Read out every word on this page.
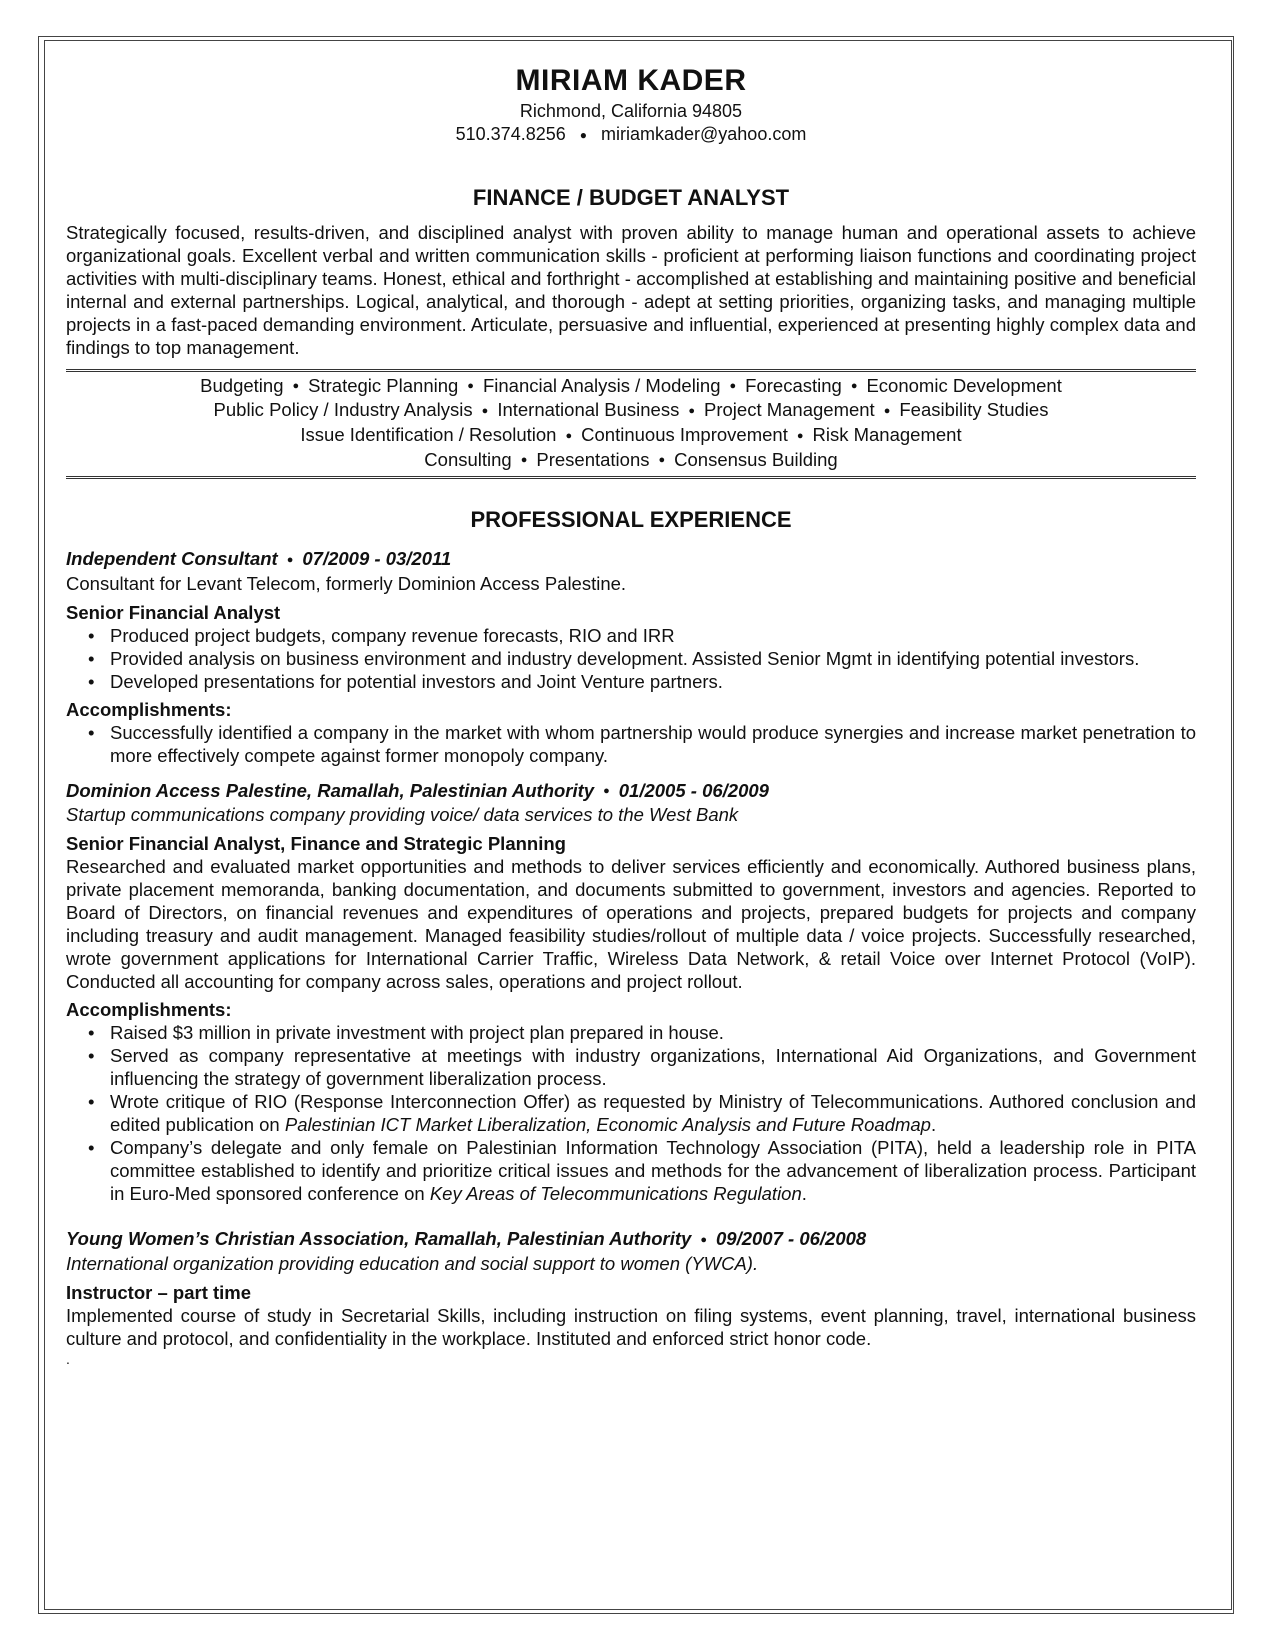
MIRIAM KADER
Richmond, California 94805
510.374.8256 ● miriamkader@yahoo.com
FINANCE / BUDGET ANALYST
Strategically focused, results-driven, and disciplined analyst with proven ability to manage human and operational assets to achieve organizational goals. Excellent verbal and written communication skills - proficient at performing liaison functions and coordinating project activities with multi-disciplinary teams. Honest, ethical and forthright - accomplished at establishing and maintaining positive and beneficial internal and external partnerships. Logical, analytical, and thorough - adept at setting priorities, organizing tasks, and managing multiple projects in a fast-paced demanding environment. Articulate, persuasive and influential, experienced at presenting highly complex data and findings to top management.
Budgeting ● Strategic Planning ● Financial Analysis / Modeling ● Forecasting ● Economic Development
Public Policy / Industry Analysis ● International Business ● Project Management ● Feasibility Studies
Issue Identification / Resolution ● Continuous Improvement ● Risk Management
Consulting ● Presentations ● Consensus Building
PROFESSIONAL EXPERIENCE
Independent Consultant ● 07/2009 - 03/2011
Consultant for Levant Telecom, formerly Dominion Access Palestine.
Senior Financial Analyst
• Produced project budgets, company revenue forecasts, RIO and IRR
• Provided analysis on business environment and industry development. Assisted Senior Mgmt in identifying potential investors.
• Developed presentations for potential investors and Joint Venture partners.
Accomplishments:
• Successfully identified a company in the market with whom partnership would produce synergies and increase market penetration to more effectively compete against former monopoly company.
Dominion Access Palestine, Ramallah, Palestinian Authority ● 01/2005 - 06/2009
Startup communications company providing voice/ data services to the West Bank
Senior Financial Analyst, Finance and Strategic Planning
Researched and evaluated market opportunities and methods to deliver services efficiently and economically. Authored business plans, private placement memoranda, banking documentation, and documents submitted to government, investors and agencies. Reported to Board of Directors, on financial revenues and expenditures of operations and projects, prepared budgets for projects and company including treasury and audit management. Managed feasibility studies/rollout of multiple data / voice projects. Successfully researched, wrote government applications for International Carrier Traffic, Wireless Data Network, & retail Voice over Internet Protocol (VoIP). Conducted all accounting for company across sales, operations and project rollout.
Accomplishments:
• Raised $3 million in private investment with project plan prepared in house.
• Served as company representative at meetings with industry organizations, International Aid Organizations, and Government influencing the strategy of government liberalization process.
• Wrote critique of RIO (Response Interconnection Offer) as requested by Ministry of Telecommunications. Authored conclusion and edited publication on Palestinian ICT Market Liberalization, Economic Analysis and Future Roadmap.
• Company’s delegate and only female on Palestinian Information Technology Association (PITA), held a leadership role in PITA committee established to identify and prioritize critical issues and methods for the advancement of liberalization process. Participant in Euro-Med sponsored conference on Key Areas of Telecommunications Regulation.
Young Women’s Christian Association, Ramallah, Palestinian Authority ● 09/2007 - 06/2008
International organization providing education and social support to women (YWCA).
Instructor – part time
Implemented course of study in Secretarial Skills, including instruction on filing systems, event planning, travel, international business culture and protocol, and confidentiality in the workplace. Instituted and enforced strict honor code.
.
